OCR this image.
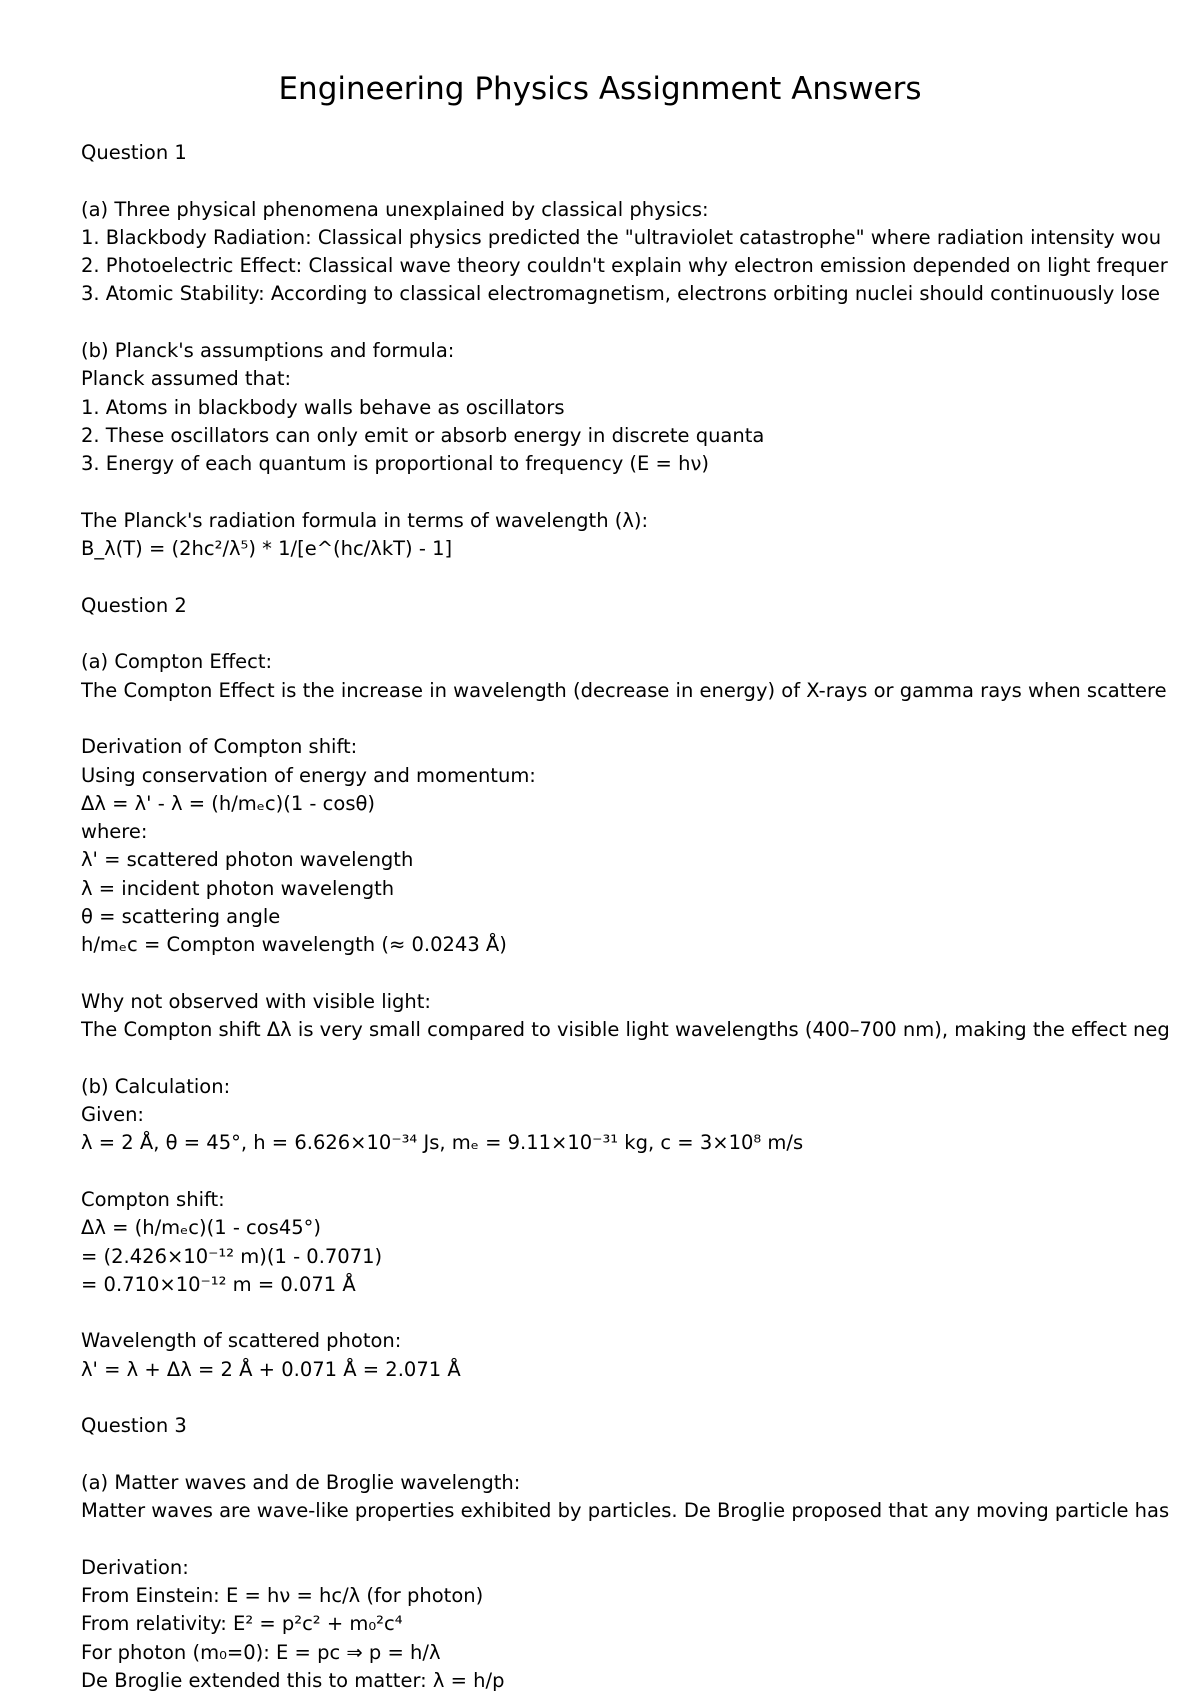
Engineering Physics Assignment Answers
Question 1
(a) Three physical phenomena unexplained by classical physics:
1. Blackbody Radiation: Classical physics predicted the "ultraviolet catastrophe" where radiation intensity wou
2. Photoelectric Effect: Classical wave theory couldn't explain why electron emission depended on light frequer
3. Atomic Stability: According to classical electromagnetism, electrons orbiting nuclei should continuously lose
(b) Planck's assumptions and formula:
Planck assumed that:
1. Atoms in blackbody walls behave as oscillators
2. These oscillators can only emit or absorb energy in discrete quanta
3. Energy of each quantum is proportional to frequency (E = hν)
The Planck's radiation formula in terms of wavelength (λ):
B_λ(T) = (2hc²/λ⁵) * 1/[e^(hc/λkT) - 1]
Question 2
(a) Compton Effect:
The Compton Effect is the increase in wavelength (decrease in energy) of X-rays or gamma rays when scattere
Derivation of Compton shift:
Using conservation of energy and momentum:
Δλ = λ' - λ = (h/mₑc)(1 - cosθ)
where:
λ' = scattered photon wavelength
λ = incident photon wavelength
θ = scattering angle
h/mₑc = Compton wavelength (≈ 0.0243 Å)
Why not observed with visible light:
The Compton shift Δλ is very small compared to visible light wavelengths (400–700 nm), making the effect neg
(b) Calculation:
Given:
λ = 2 Å, θ = 45°, h = 6.626×10⁻³⁴ Js, mₑ = 9.11×10⁻³¹ kg, c = 3×10⁸ m/s
Compton shift:
Δλ = (h/mₑc)(1 - cos45°)
= (2.426×10⁻¹² m)(1 - 0.7071)
= 0.710×10⁻¹² m = 0.071 Å
Wavelength of scattered photon:
λ' = λ + Δλ = 2 Å + 0.071 Å = 2.071 Å
Question 3
(a) Matter waves and de Broglie wavelength:
Matter waves are wave-like properties exhibited by particles. De Broglie proposed that any moving particle has
Derivation:
From Einstein: E = hν = hc/λ (for photon)
From relativity: E² = p²c² + m₀²c⁴
For photon (m₀=0): E = pc ⇒ p = h/λ
De Broglie extended this to matter: λ = h/p
